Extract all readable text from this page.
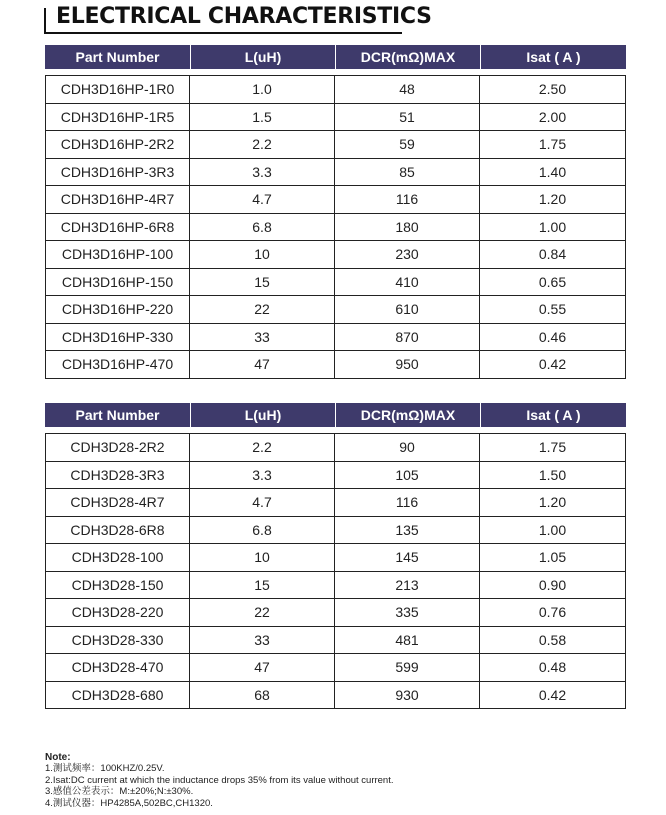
ELECTRICAL CHARACTERISTICS
Part Number	L(uH)	DCR(mΩ)MAX	Isat ( A )

CDH3D16HP-1R0	1.0	48	2.50
CDH3D16HP-1R5	1.5	51	2.00
CDH3D16HP-2R2	2.2	59	1.75
CDH3D16HP-3R3	3.3	85	1.40
CDH3D16HP-4R7	4.7	116	1.20
CDH3D16HP-6R8	6.8	180	1.00
CDH3D16HP-100	10	230	0.84
CDH3D16HP-150	15	410	0.65
CDH3D16HP-220	22	610	0.55
CDH3D16HP-330	33	870	0.46
CDH3D16HP-470	47	950	0.42
Part Number	L(uH)	DCR(mΩ)MAX	Isat ( A )

CDH3D28-2R2	2.2	90	1.75
CDH3D28-3R3	3.3	105	1.50
CDH3D28-4R7	4.7	116	1.20
CDH3D28-6R8	6.8	135	1.00
CDH3D28-100	10	145	1.05
CDH3D28-150	15	213	0.90
CDH3D28-220	22	335	0.76
CDH3D28-330	33	481	0.58
CDH3D28-470	47	599	0.48
CDH3D28-680	68	930	0.42
Note:
1.测试频率：100KHZ/0.25V.
2.Isat:DC current at which the inductance drops 35% from its value without current.
3.感值公差表示：M:±20%;N:±30%.
4.测试仪器：HP4285A,502BC,CH1320.
